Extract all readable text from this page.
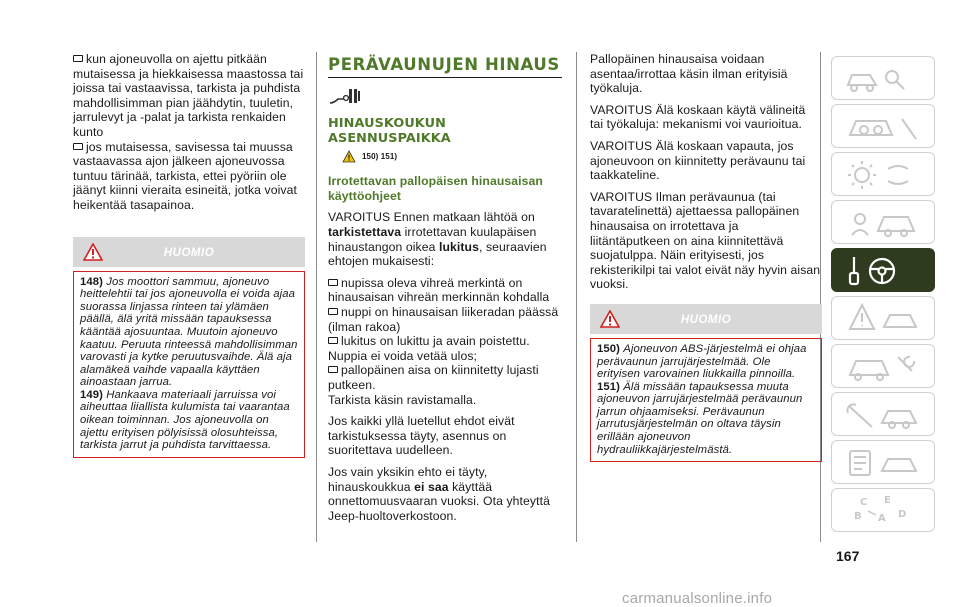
kun ajoneuvolla on ajettu pitkään mutaisessa ja hiekkaisessa maastossa tai joissa tai vastaavissa, tarkista ja puhdista mahdollisimman pian jäähdytin, tuuletin, jarrulevyt ja -palat ja tarkista renkaiden kunto

jos mutaisessa, savisessa tai muussa vastaavassa ajon jälkeen ajoneuvossa tuntuu tärinää, tarkista, ettei pyöriin ole jäänyt kiinni vieraita esineitä, jotka voivat heikentää tasapainoa.

HUOMIO

148) Jos moottori sammuu, ajoneuvo heittelehtii tai jos ajoneuvolla ei voida ajaa suorassa linjassa rinteen tai ylämäen päällä, älä yritä missään tapauksessa kääntää ajosuuntaa. Muutoin ajoneuvo kaatuu. Peruuta rinteessä mahdollisimman varovasti ja kytke peruutusvaihde. Älä aja alamäkeä vaihde vapaalla käyttäen ainoastaan jarrua.

149) Hankaava materiaali jarruissa voi aiheuttaa liiallista kulumista tai vaarantaa oikean toiminnan. Jos ajoneuvolla on ajettu erityisen pölyisissä olosuhteissa, tarkista jarrut ja puhdista tarvittaessa.

PERÄVAUNUJEN HINAUS
HINAUSKOUKUN
ASENNUSPAIKKA
150) 151)
Irrotettavan pallopäisen hinausaisan käyttöohjeet

VAROITUS Ennen matkaan lähtöä on tarkistettava irrotettavan kuulapäisen hinaustangon oikea lukitus, seuraavien ehtojen mukaisesti:

nupissa oleva vihreä merkintä on hinausaisan vihreän merkinnän kohdalla

nuppi on hinausaisan liikeradan päässä (ilman rakoa)

lukitus on lukittu ja avain poistettu. Nuppia ei voida vetää ulos;

pallopäinen aisa on kiinnitetty lujasti putkeen.

Tarkista käsin ravistamalla.

Jos kaikki yllä luetellut ehdot eivät tarkistuksessa täyty, asennus on suoritettava uudelleen.

Jos vain yksikin ehto ei täyty, hinauskoukkua ei saa käyttää onnettomuusvaaran vuoksi. Ota yhteyttä Jeep-huoltoverkostoon.

Pallopäinen hinausaisa voidaan asentaa/irrottaa käsin ilman erityisiä työkaluja.

VAROITUS Älä koskaan käytä välineitä tai työkaluja: mekanismi voi vaurioitua.

VAROITUS Älä koskaan vapauta, jos ajoneuvoon on kiinnitetty perävaunu tai taakkateline.

VAROITUS Ilman perävaunua (tai tavaratelinettä) ajettaessa pallopäinen hinausaisa on irrotettava ja liitäntäputkeen on aina kiinnitettävä suojatulppa. Näin erityisesti, jos rekisterikilpi tai valot eivät näy hyvin aisan vuoksi.

HUOMIO

150) Ajoneuvon ABS-järjestelmä ei ohjaa perävaunun jarrujärjestelmää. Ole erityisen varovainen liukkailla pinnoilla.

151) Älä missään tapauksessa muuta ajoneuvon jarrujärjestelmää perävaunun jarrun ohjaamiseksi. Perävaunun jarrutusjärjestelmän on oltava täysin erillään ajoneuvon hydrauliikkajärjestelmästä.

C E
B A D
167
carmanualsonline.info
